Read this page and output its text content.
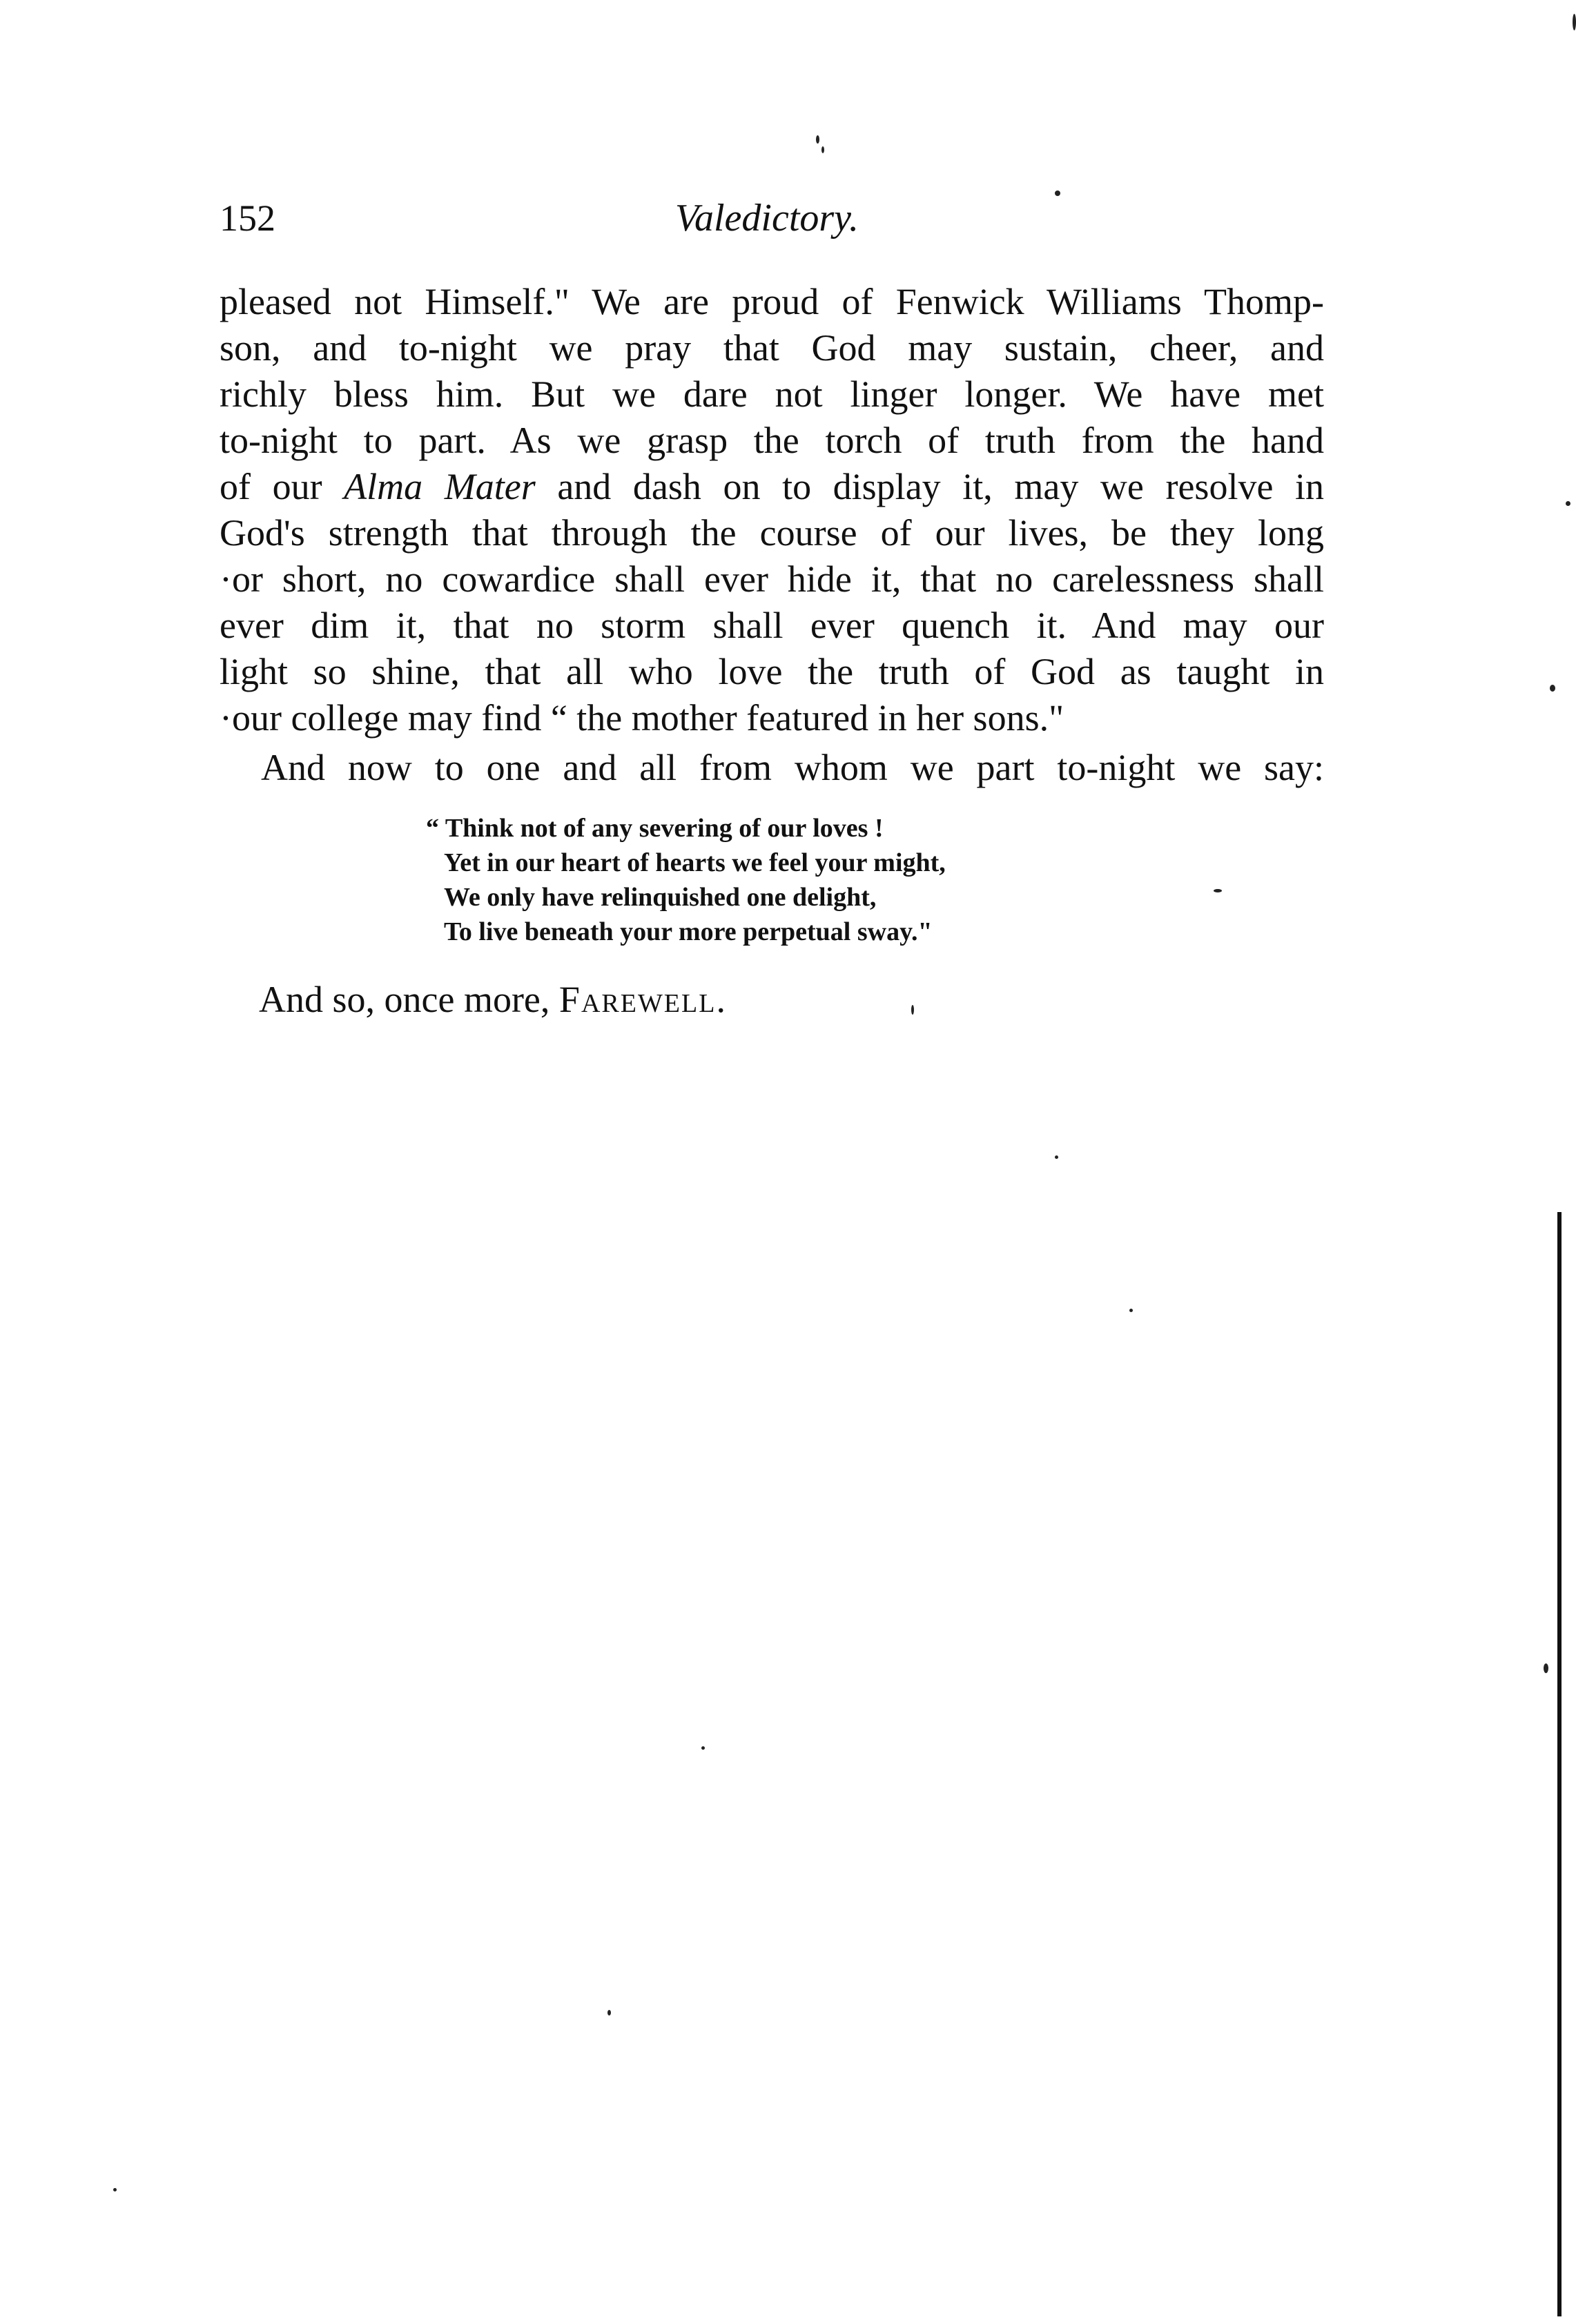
152	Valedictory.
pleased not Himself." We are proud of Fenwick Williams Thomp-
son, and to-night we pray that God may sustain, cheer, and
richly bless him. But we dare not linger longer. We have met
to-night to part. As we grasp the torch of truth from the hand
of our Alma Mater and dash on to display it, may we resolve in
God's strength that through the course of our lives, be they long
·or short, no cowardice shall ever hide it, that no carelessness shall
ever dim it, that no storm shall ever quench it. And may our
light so shine, that all who love the truth of God as taught in
·our college may find “ the mother featured in her sons."
And now to one and all from whom we part to-night we say:
“ Think not of any severing of our loves !
Yet in our heart of hearts we feel your might,
We only have relinquished one delight,
To live beneath your more perpetual sway."
And so, once more, Farewell.
